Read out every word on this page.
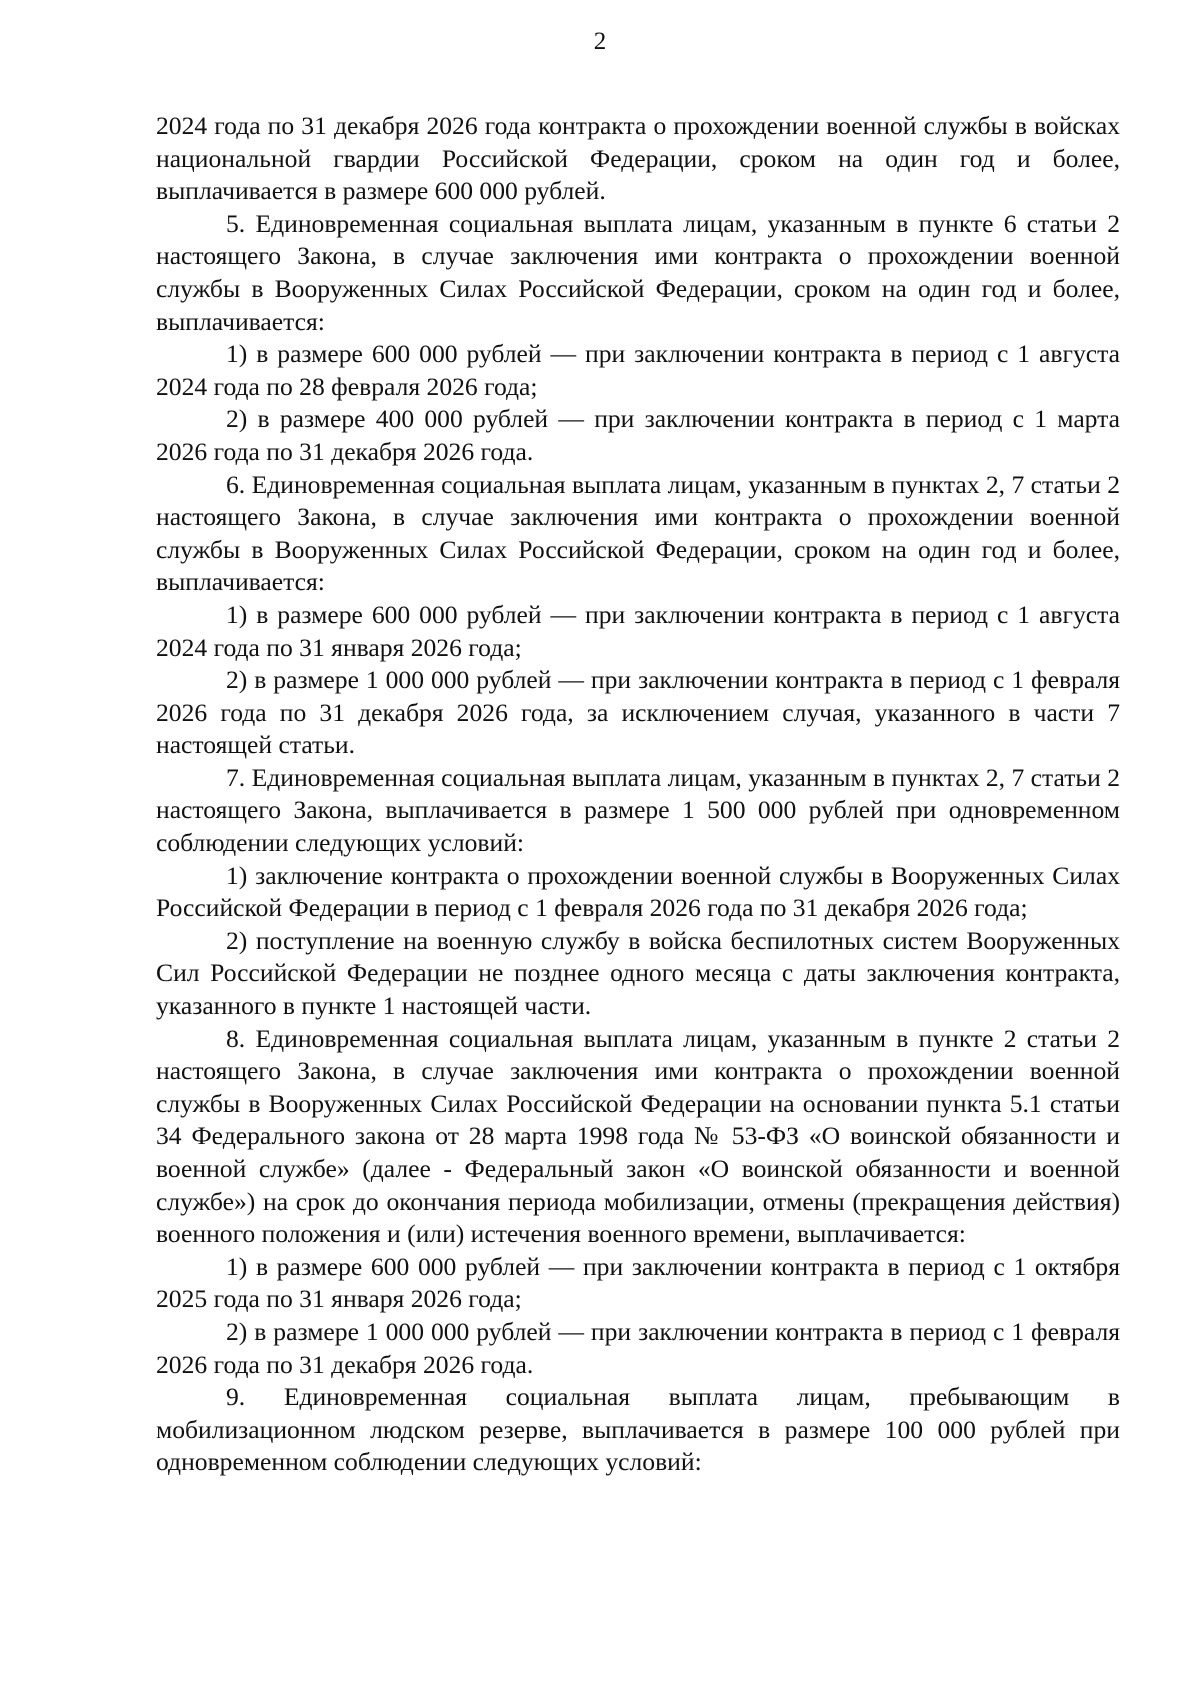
2

2024 года по 31 декабря 2026 года контракта о прохождении военной службы в войсках национальной гвардии Российской Федерации, сроком на один год и более, выплачивается в размере 600 000 рублей.

5. Единовременная социальная выплата лицам, указанным в пункте 6 статьи 2 настоящего Закона, в случае заключения ими контракта о прохождении военной службы в Вооруженных Силах Российской Федерации, сроком на один год и более, выплачивается:

1) в размере 600 000 рублей — при заключении контракта в период с 1 августа 2024 года по 28 февраля 2026 года;

2) в размере 400 000 рублей — при заключении контракта в период с 1 марта 2026 года по 31 декабря 2026 года.

6. Единовременная социальная выплата лицам, указанным в пунктах 2, 7 статьи 2 настоящего Закона, в случае заключения ими контракта о прохождении военной службы в Вооруженных Силах Российской Федерации, сроком на один год и более, выплачивается:

1) в размере 600 000 рублей — при заключении контракта в период с 1 августа 2024 года по 31 января 2026 года;

2) в размере 1 000 000 рублей — при заключении контракта в период с 1 февраля 2026 года по 31 декабря 2026 года, за исключением случая, указанного в части 7 настоящей статьи.

7. Единовременная социальная выплата лицам, указанным в пунктах 2, 7 статьи 2 настоящего Закона, выплачивается в размере 1 500 000 рублей при одновременном соблюдении следующих условий:

1) заключение контракта о прохождении военной службы в Вооруженных Силах Российской Федерации в период с 1 февраля 2026 года по 31 декабря 2026 года;

2) поступление на военную службу в войска беспилотных систем Вооруженных Сил Российской Федерации не позднее одного месяца с даты заключения контракта, указанного в пункте 1 настоящей части.

8. Единовременная социальная выплата лицам, указанным в пункте 2 статьи 2 настоящего Закона, в случае заключения ими контракта о прохождении военной службы в Вооруженных Силах Российской Федерации на основании пункта 5.1 статьи 34 Федерального закона от 28 марта 1998 года № 53-ФЗ «О воинской обязанности и военной службе» (далее - Федеральный закон «О воинской обязанности и военной службе») на срок до окончания периода мобилизации, отмены (прекращения действия) военного положения и (или) истечения военного времени, выплачивается:

1) в размере 600 000 рублей — при заключении контракта в период с 1 октября 2025 года по 31 января 2026 года;

2) в размере 1 000 000 рублей — при заключении контракта в период с 1 февраля 2026 года по 31 декабря 2026 года.

9. Единовременная социальная выплата лицам, пребывающим в мобилизационном людском резерве, выплачивается в размере 100 000 рублей при одновременном соблюдении следующих условий:
